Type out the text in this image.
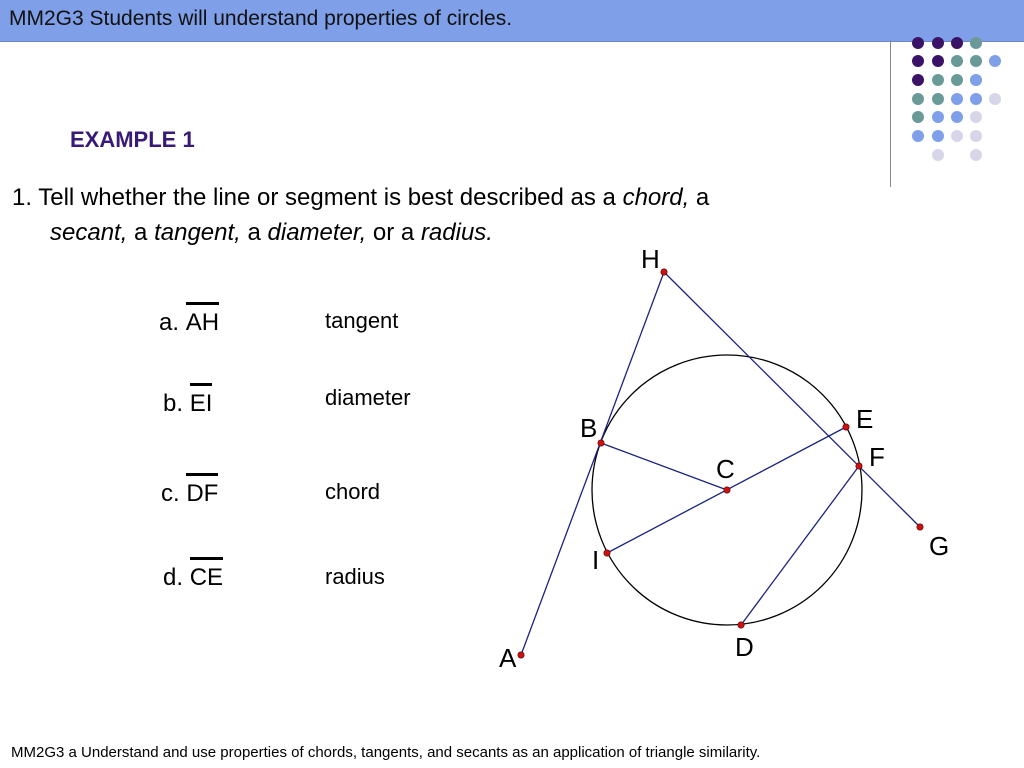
MM2G3 Students will understand properties of circles.
EXAMPLE 1
1. Tell whether the line or segment is best described as a chord, a
secant, a tangent, a diameter, or a radius.
a. AH	tangent
b. EI	diameter
c. DF	chord
d. CE	radius
H
E
F
B
C
G
I
D
A
MM2G3 a Understand and use properties of chords, tangents, and secants as an application of triangle similarity.
